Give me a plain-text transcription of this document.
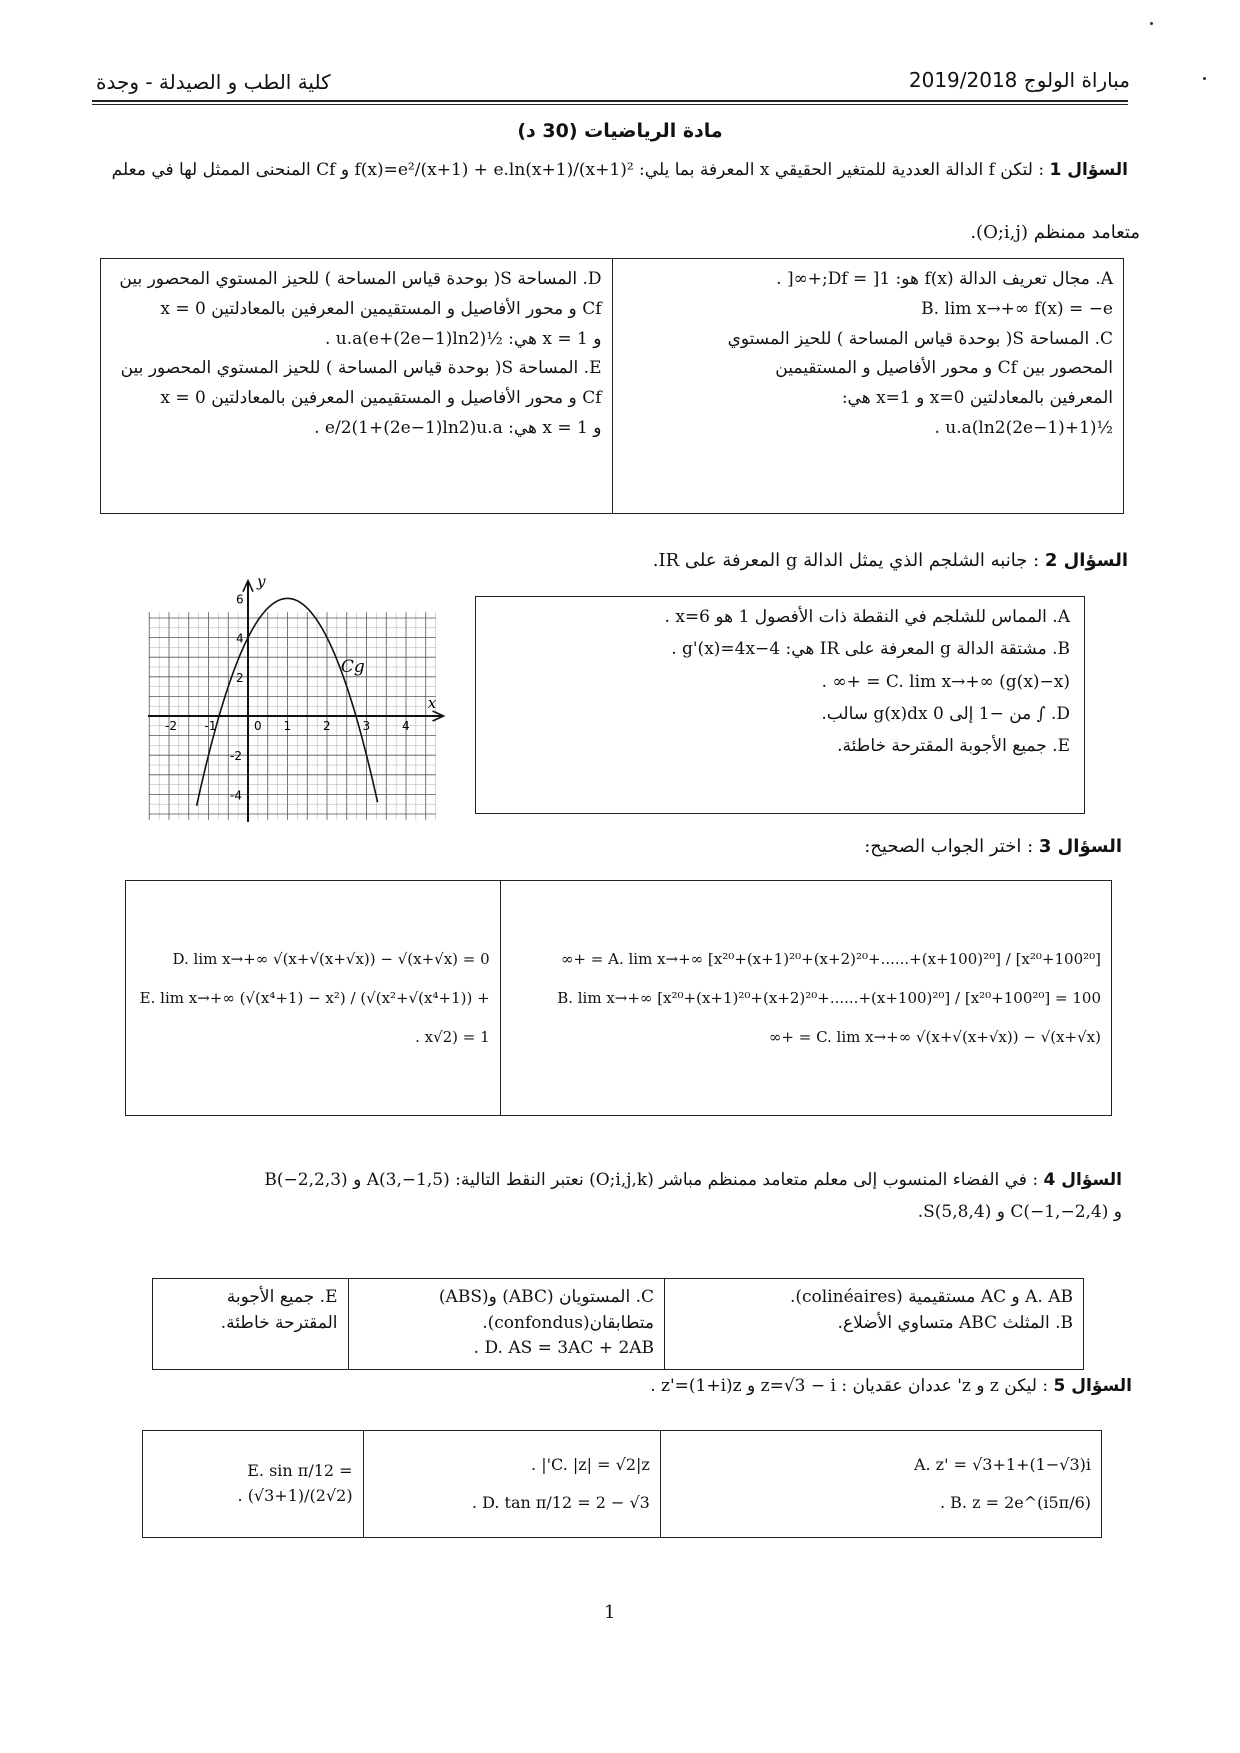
كلية الطب و الصيدلة - وجدة	مباراة الولوج 2019/2018
مادة الرياضيات (30 د)
السؤال 1 : لتكن f الدالة العددية للمتغير الحقيقي x المعرفة بما يلي: f(x)=e²/(x+1) + e.ln(x+1)/(x+1)² و Cf المنحنى الممثل لها في معلم
متعامد ممنظم (O;i,j).
D. المساحة S( بوحدة قياس المساحة ) للحيز المستوي المحصور بين
Cf و محور الأفاصيل و المستقيمين المعرفين بالمعادلتين x = 0
و x = 1 هي: ½(e+(2e−1)ln2)u.a .
E. المساحة S( بوحدة قياس المساحة ) للحيز المستوي المحصور بين
Cf و محور الأفاصيل و المستقيمين المعرفين بالمعادلتين x = 0
و x = 1 هي: e/2(1+(2e−1)ln2)u.a .

A. مجال تعريف الدالة f(x) هو: Df = ]1;+∞[ .
B. lim x→+∞ f(x) = −e
C. المساحة S( بوحدة قياس المساحة ) للحيز المستوي
المحصور بين Cf و محور الأفاصيل و المستقيمين
المعرفين بالمعادلتين x=0 و x=1 هي:
½(1+(2e−1)ln2)u.a .
السؤال 2 : جانبه الشلجم الذي يمثل الدالة g المعرفة على IR.
-2 -1	0 1	2	3	4
2
4
6
-2
-4
Cg
x
y
A. المماس للشلجم في النقطة ذات الأفصول 1 هو x=6 .
B. مشتقة الدالة g المعرفة على IR هي: g'(x)=4x−4 .
C. lim x→+∞ (g(x)−x) = +∞ .
D. ∫ من −1 إلى 0 g(x)dx سالب.
E. جميع الأجوبة المقترحة خاطئة.
السؤال 3 : اختر الجواب الصحيح:
D. lim x→+∞ √(x+√(x+√x)) − √(x+√x) = 0
E. lim x→+∞ (√(x⁴+1) − x²) / (√(x²+√(x⁴+1)) + x√2) = 1 .

A. lim x→+∞ [x²⁰+(x+1)²⁰+(x+2)²⁰+......+(x+100)²⁰] / [x²⁰+100²⁰] = +∞
B. lim x→+∞ [x²⁰+(x+1)²⁰+(x+2)²⁰+......+(x+100)²⁰] / [x²⁰+100²⁰] = 100
C. lim x→+∞ √(x+√(x+√x)) − √(x+√x) = +∞
السؤال 4 : في الفضاء المنسوب إلى معلم متعامد ممنظم مباشر (O;i,j,k) نعتبر النقط التالية: A(3,−1,5) و B(−2,2,3)
و C(−1,−2,4) و S(5,8,4).
E. جميع الأجوبة
المقترحة خاطئة.

C. المستويان (ABC) و(ABS)
متطابقان(confondus).
D. AS = 3AC + 2AB .

A. AB و AC مستقيمية (colinéaires).
B. المثلث ABC متساوي الأضلاع.
السؤال 5 : ليكن z و z' عددان عقديان : z=√3 − i و z'=(1+i)z .
E. sin π/12 = (√3+1)/(2√2) .

C. |z| = √2|z'| .
D. tan π/12 = 2 − √3 .

A. z' = √3+1+(1−√3)i
B. z = 2e^(i5π/6) .
1
